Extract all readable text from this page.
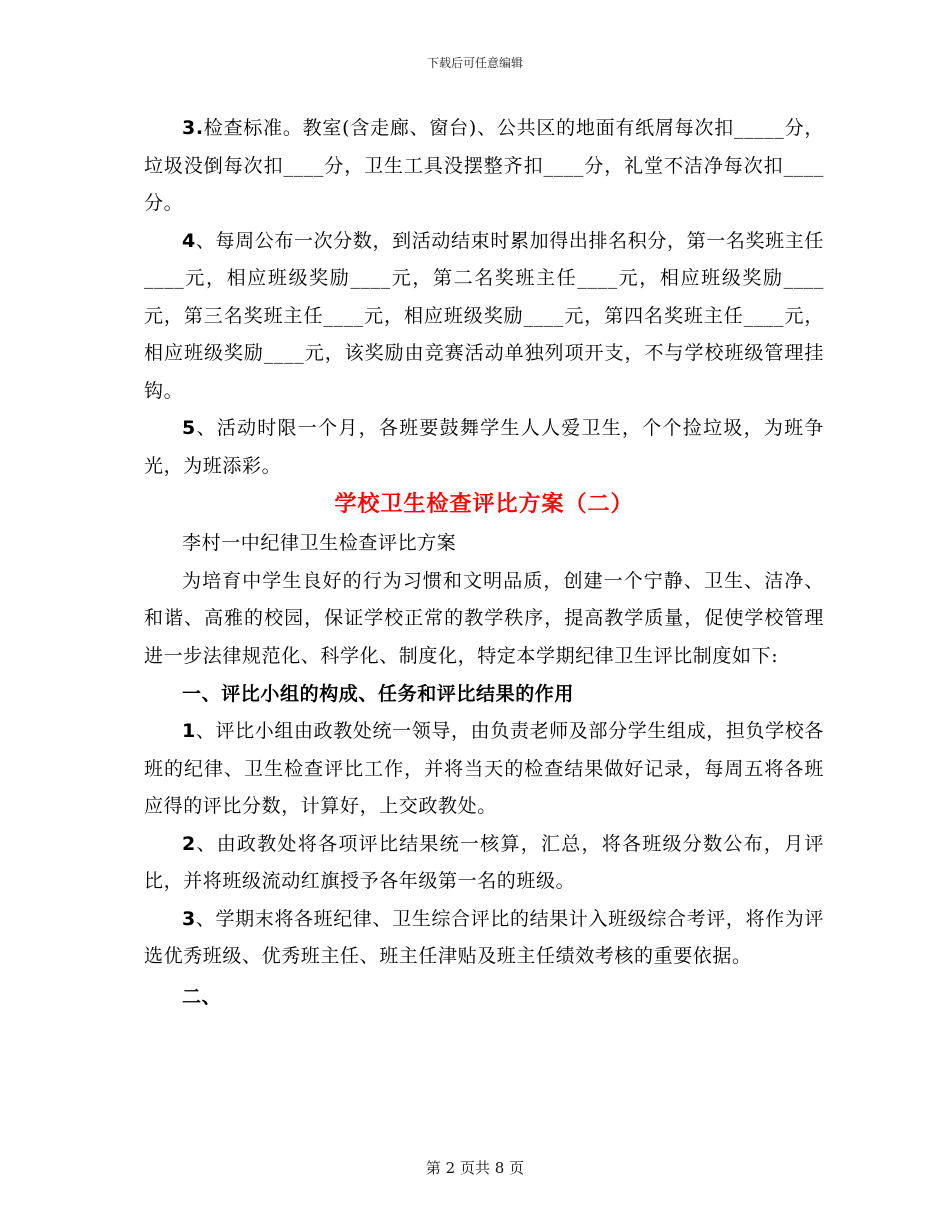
下载后可任意编辑

3.检查标准。教室(含走廊、窗台)、公共区的地面有纸屑每次扣_____分，垃圾没倒每次扣____分，卫生工具没摆整齐扣____分，礼堂不洁净每次扣____分。

4、每周公布一次分数，到活动结束时累加得出排名积分，第一名奖班主任____元，相应班级奖励____元，第二名奖班主任____元，相应班级奖励____元，第三名奖班主任____元，相应班级奖励____元，第四名奖班主任____元，相应班级奖励____元，该奖励由竞赛活动单独列项开支，不与学校班级管理挂钩。

5、活动时限一个月，各班要鼓舞学生人人爱卫生，个个捡垃圾，为班争光，为班添彩。

学校卫生检查评比方案（二）

李村一中纪律卫生检查评比方案

为培育中学生良好的行为习惯和文明品质，创建一个宁静、卫生、洁净、和谐、高雅的校园，保证学校正常的教学秩序，提高教学质量，促使学校管理进一步法律规范化、科学化、制度化，特定本学期纪律卫生评比制度如下:

一、评比小组的构成、任务和评比结果的作用

1、评比小组由政教处统一领导，由负责老师及部分学生组成，担负学校各班的纪律、卫生检查评比工作，并将当天的检查结果做好记录，每周五将各班应得的评比分数，计算好，上交政教处。

2、由政教处将各项评比结果统一核算，汇总，将各班级分数公布，月评比，并将班级流动红旗授予各年级第一名的班级。

3、学期末将各班纪律、卫生综合评比的结果计入班级综合考评，将作为评选优秀班级、优秀班主任、班主任津贴及班主任绩效考核的重要依据。

二、

第 2 页共 8 页
